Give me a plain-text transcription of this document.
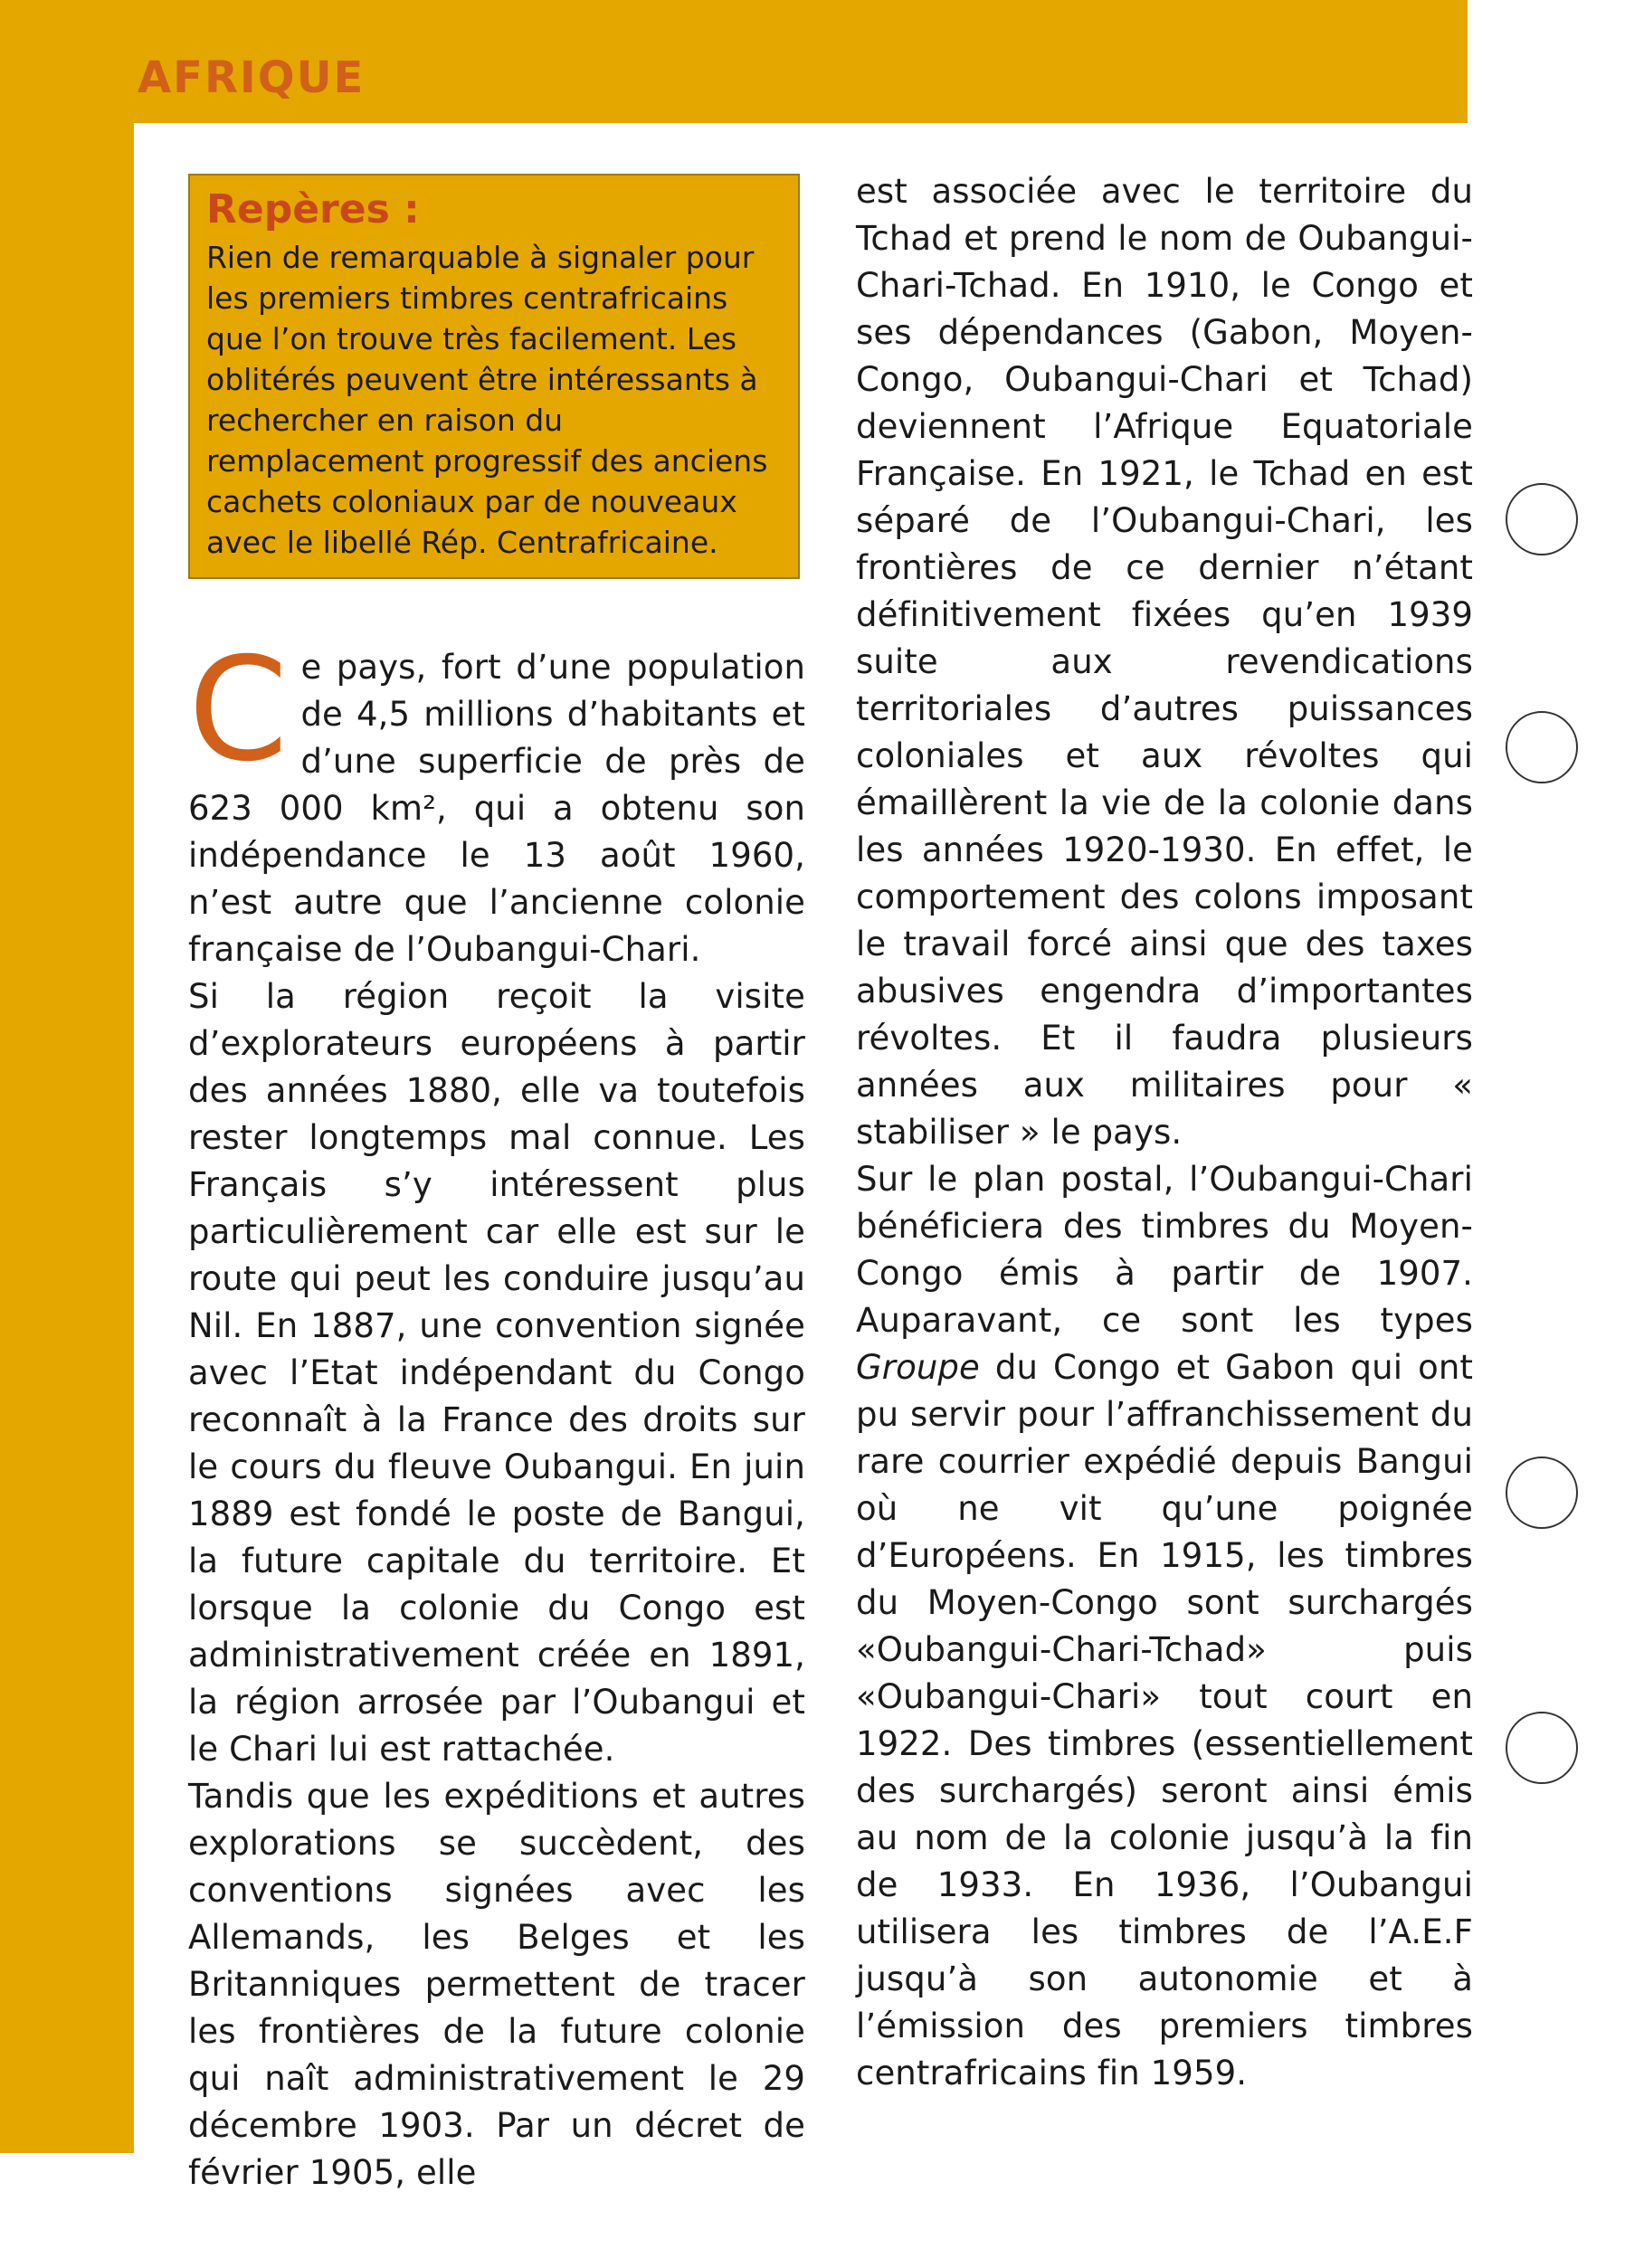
AFRIQUE
Repères :

Rien de remarquable à signaler pour les premiers timbres centrafricains que l’on trouve très facilement. Les oblitérés peuvent être intéressants à rechercher en raison du remplacement progressif des anciens cachets coloniaux par de nouveaux avec le libellé Rép. Centrafricaine.

Ce pays, fort d’une population de 4,5 millions d’habitants et d’une superficie de près de 623 000 km², qui a obtenu son indépendance le 13 août 1960, n’est autre que l’ancienne colonie française de l’Oubangui-Chari.

Si la région reçoit la visite d’explorateurs européens à partir des années 1880, elle va toutefois rester longtemps mal connue. Les Français s’y intéressent plus particulièrement car elle est sur le route qui peut les conduire jusqu’au Nil. En 1887, une convention signée avec l’Etat indépendant du Congo reconnaît à la France des droits sur le cours du fleuve Oubangui. En juin 1889 est fondé le poste de Bangui, la future capitale du territoire. Et lorsque la colonie du Congo est administrativement créée en 1891, la région arrosée par l’Oubangui et le Chari lui est rattachée.

Tandis que les expéditions et autres explorations se succèdent, des conventions signées avec les Allemands, les Belges et les Britanniques permettent de tracer les frontières de la future colonie qui naît administrativement le 29 décembre 1903. Par un décret de février 1905, elle

est associée avec le territoire du Tchad et prend le nom de Oubangui-Chari-Tchad. En 1910, le Congo et ses dépendances (Gabon, Moyen-Congo, Oubangui-Chari et Tchad) deviennent l’Afrique Equatoriale Française. En 1921, le Tchad en est séparé de l’Oubangui-Chari, les frontières de ce dernier n’étant définitivement fixées qu’en 1939 suite aux revendications territoriales d’autres puissances coloniales et aux révoltes qui émaillèrent la vie de la colonie dans les années 1920-1930. En effet, le comportement des colons imposant le travail forcé ainsi que des taxes abusives engendra d’importantes révoltes. Et il faudra plusieurs années aux militaires pour « stabiliser » le pays.

Sur le plan postal, l’Oubangui-Chari bénéficiera des timbres du Moyen-Congo émis à partir de 1907. Auparavant, ce sont les types Groupe du Congo et Gabon qui ont pu servir pour l’affranchissement du rare courrier expédié depuis Bangui où ne vit qu’une poignée d’Européens. En 1915, les timbres du Moyen-Congo sont surchargés «Oubangui-Chari-Tchad» puis «Oubangui-Chari» tout court en 1922. Des timbres (essentiellement des surchargés) seront ainsi émis au nom de la colonie jusqu’à la fin de 1933. En 1936, l’Oubangui utilisera les timbres de l’A.E.F jusqu’à son autonomie et à l’émission des premiers timbres centrafricains fin 1959.
